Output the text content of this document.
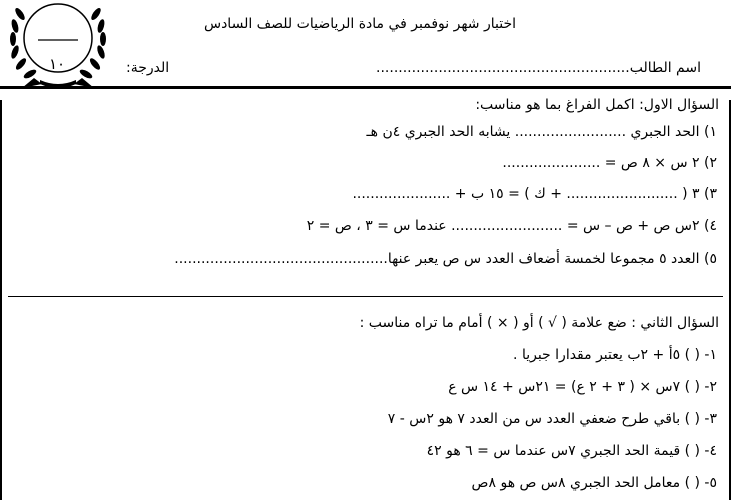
١٠
اختبار شهر نوفمبر في مادة الرياضيات للصف السادس
اسم الطالب.........................................................
الدرجة:
السؤال الاول: اكمل الفراغ بما هو مناسب:
١) الحد الجبري ......................... يشابه الحد الجبري ٤ن هـ
٢) ٢ س × ٨ ص = ......................
٣) ٣ ( ......................... + ك ) = ١٥ ب + ......................
٤) ٢س ص + ص – س = ......................... عندما س = ٣ ، ص = ٢
٥) العدد ٥ مجموعا لخمسة أضعاف العدد س ص يعبر عنها................................................
السؤال الثاني : ضع علامة ( √ ) أو ( × ) أمام ما تراه مناسب :
١- ( ) ٥أ + ٢ب يعتبر مقدارا جبريا .
٢- ( ) ٧س × ( ٣ + ٢ ع) = ٢١س + ١٤ س ع
٣- ( ) باقي طرح ضعفي العدد س من العدد ٧ هو ٢س - ٧
٤- ( ) قيمة الحد الجبري ٧س عندما س = ٦ هو ٤٢
٥- ( ) معامل الحد الجبري ٨س ص هو ٨ص
